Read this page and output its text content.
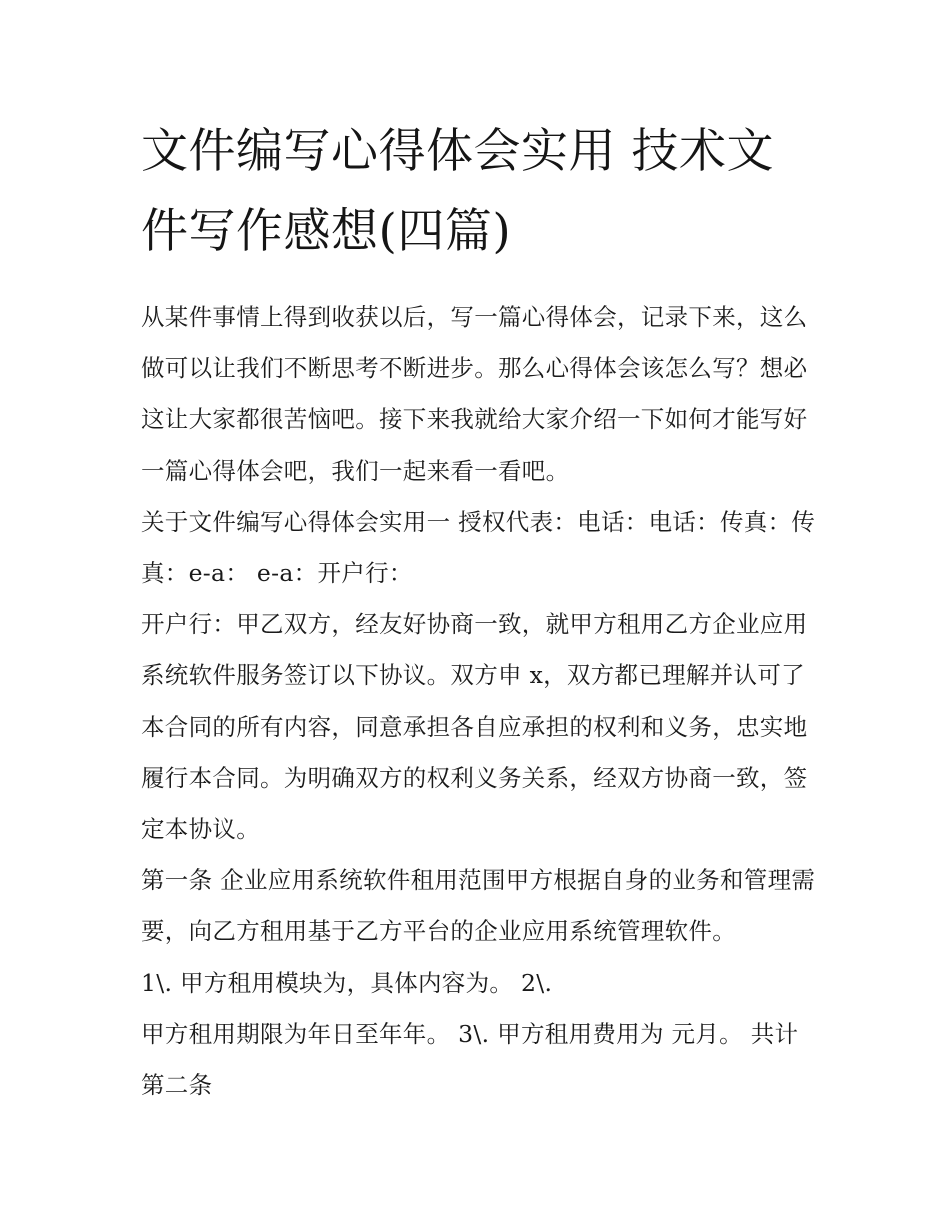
文件编写心得体会实用 技术文件写作感想(四篇)

从某件事情上得到收获以后，写一篇心得体会，记录下来，这么做可以让我们不断思考不断进步。那么心得体会该怎么写？想必这让大家都很苦恼吧。接下来我就给大家介绍一下如何才能写好一篇心得体会吧，我们一起来看一看吧。

关于文件编写心得体会实用一 授权代表：电话：电话：传真：传真：e-a： e-a：开户行：

开户行：甲乙双方，经友好协商一致，就甲方租用乙方企业应用系统软件服务签订以下协议。双方申 x，双方都已理解并认可了本合同的所有内容，同意承担各自应承担的权利和义务，忠实地履行本合同。为明确双方的权利义务关系，经双方协商一致，签定本协议。

第一条 企业应用系统软件租用范围甲方根据自身的业务和管理需要，向乙方租用基于乙方平台的企业应用系统管理软件。

1\. 甲方租用模块为，具体内容为。 2\.

甲方租用期限为年日至年年。 3\. 甲方租用费用为 元月。 共计 第二条
